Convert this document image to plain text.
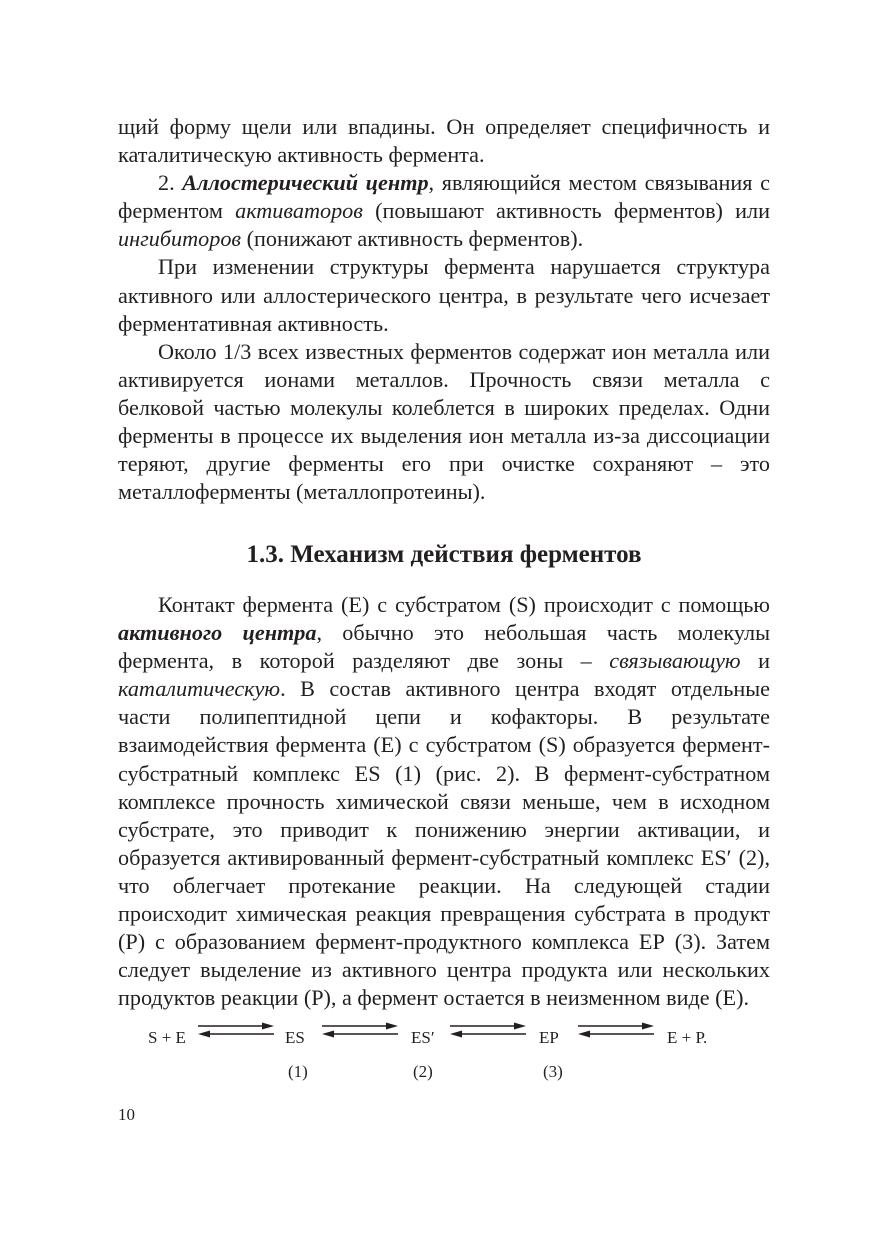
щий форму щели или впадины. Он определяет специфичность и каталитическую активность фермента.

2. Аллостерический центр, являющийся местом связывания с ферментом активаторов (повышают активность ферментов) или ингибиторов (понижают активность ферментов).

При изменении структуры фермента нарушается структура активного или аллостерического центра, в результате чего исчезает ферментативная активность.

Около 1/3 всех известных ферментов содержат ион металла или активируется ионами металлов. Прочность связи металла с белковой частью молекулы колеблется в широких пределах. Одни ферменты в процессе их выделения ион металла из-за диссоциации теряют, другие ферменты его при очистке сохраняют – это металлоферменты (металлопротеины).

1.3. Механизм действия ферментов

Контакт фермента (Е) с субстратом (S) происходит с помощью активного центра, обычно это небольшая часть молекулы фермента, в которой разделяют две зоны – связывающую и каталитическую. В состав активного центра входят отдельные части полипептидной цепи и кофакторы. В результате взаимодействия фермента (Е) с субстратом (S) образуется фермент-субстратный комплекс ES (1) (рис. 2). В фермент-субстратном комплексе прочность химической связи меньше, чем в исходном субстрате, это приводит к понижению энергии активации, и образуется активированный фермент-субстратный комплекс ES′ (2), что облегчает протекание реакции. На следующей стадии происходит химическая реакция превращения субстрата в продукт (Р) с образованием фермент-продуктного комплекса ЕР (3). Затем следует выделение из активного центра продукта или нескольких продуктов реакции (Р), а фермент остается в неизменном виде (Е).

S + E	ES	ES′	EP	E + P.
(1)	(2)	(3)
10
